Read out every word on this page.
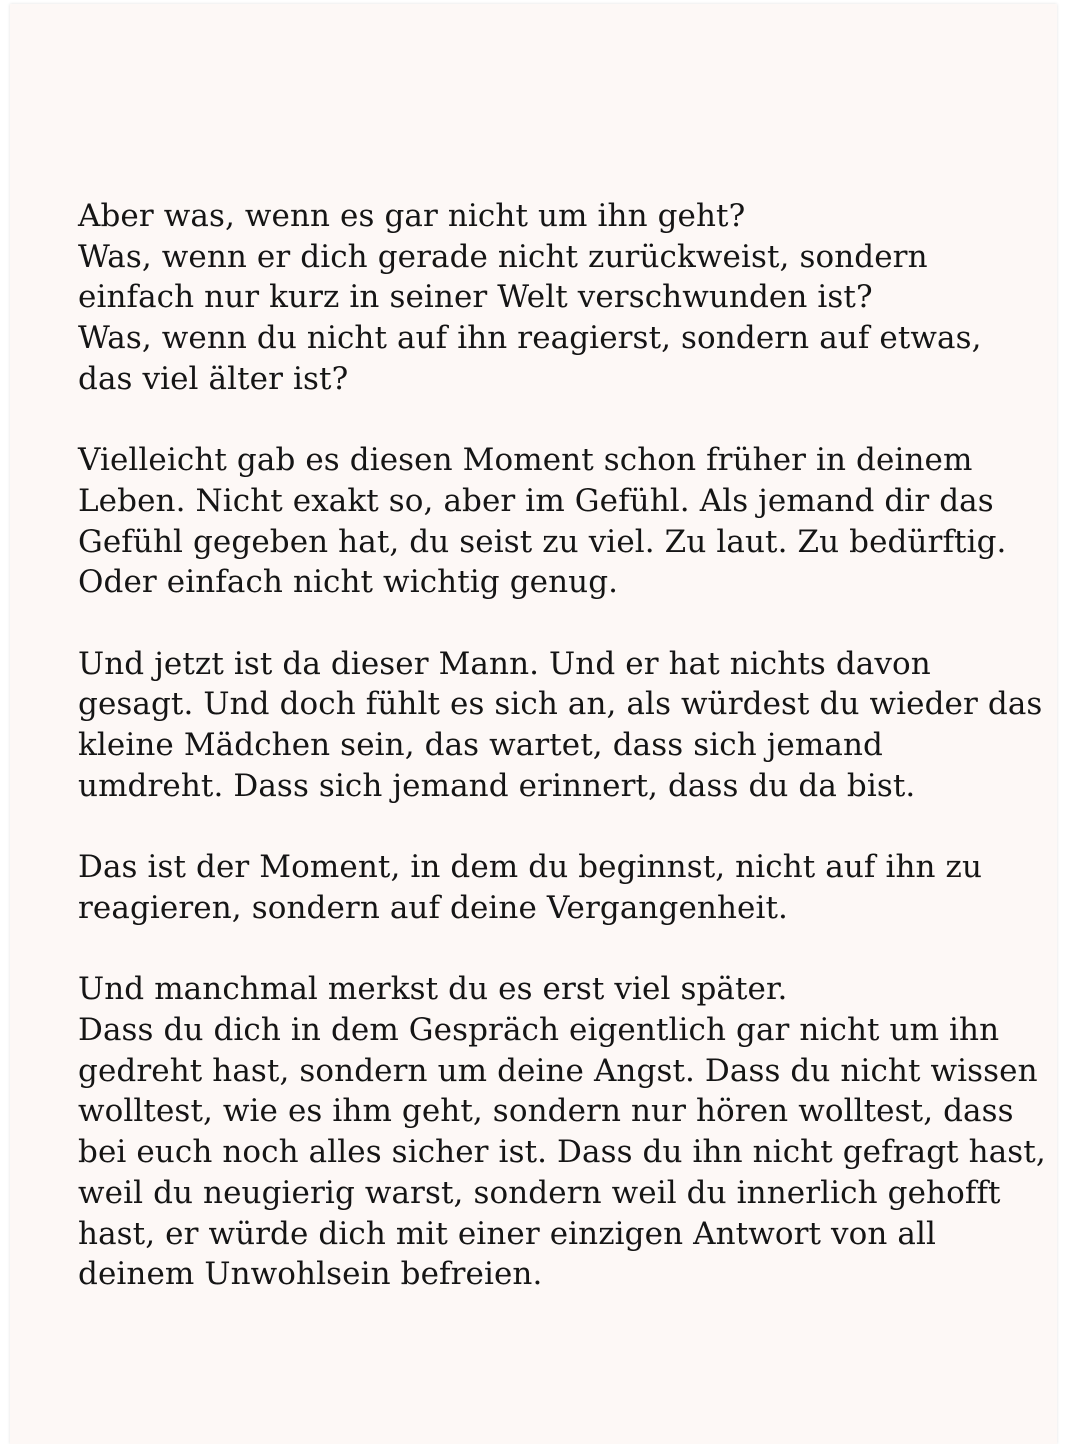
Aber was, wenn es gar nicht um ihn geht?
Was, wenn er dich gerade nicht zurückweist, sondern
einfach nur kurz in seiner Welt verschwunden ist?
Was, wenn du nicht auf ihn reagierst, sondern auf etwas,
das viel älter ist?

Vielleicht gab es diesen Moment schon früher in deinem
Leben. Nicht exakt so, aber im Gefühl. Als jemand dir das
Gefühl gegeben hat, du seist zu viel. Zu laut. Zu bedürftig.
Oder einfach nicht wichtig genug.

Und jetzt ist da dieser Mann. Und er hat nichts davon
gesagt. Und doch fühlt es sich an, als würdest du wieder das
kleine Mädchen sein, das wartet, dass sich jemand
umdreht. Dass sich jemand erinnert, dass du da bist.

Das ist der Moment, in dem du beginnst, nicht auf ihn zu
reagieren, sondern auf deine Vergangenheit.

Und manchmal merkst du es erst viel später.
Dass du dich in dem Gespräch eigentlich gar nicht um ihn
gedreht hast, sondern um deine Angst. Dass du nicht wissen
wolltest, wie es ihm geht, sondern nur hören wolltest, dass
bei euch noch alles sicher ist. Dass du ihn nicht gefragt hast,
weil du neugierig warst, sondern weil du innerlich gehofft
hast, er würde dich mit einer einzigen Antwort von all
deinem Unwohlsein befreien.
